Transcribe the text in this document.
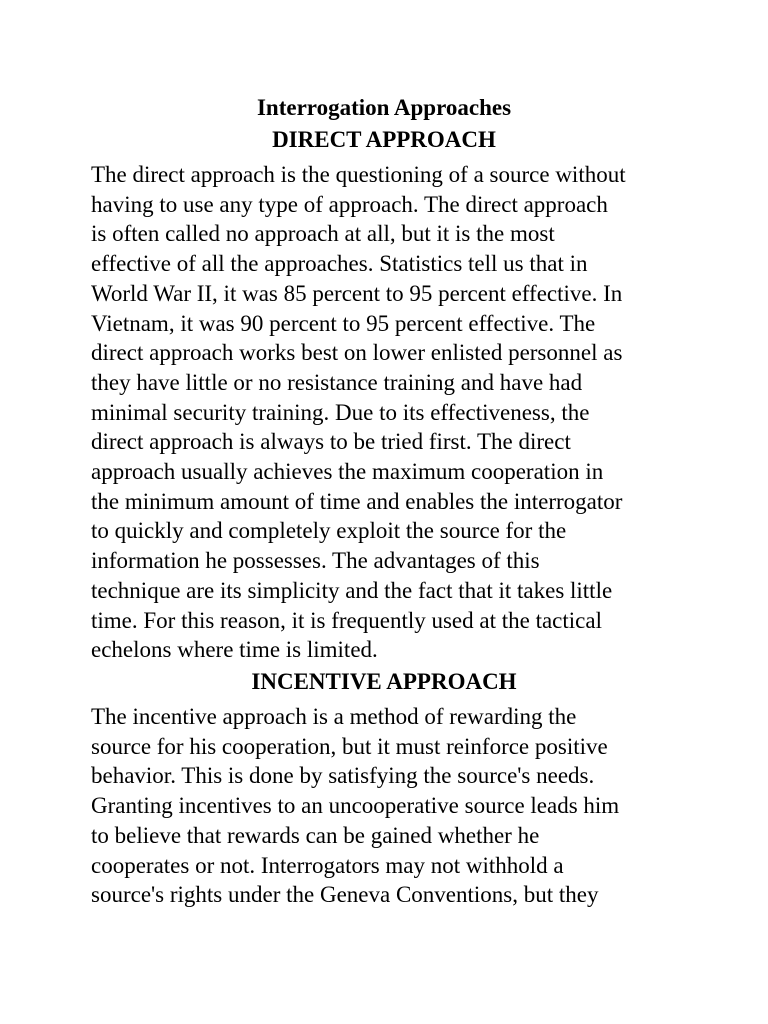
Interrogation Approaches
DIRECT APPROACH

The direct approach is the questioning of a source without
having to use any type of approach. The direct approach
is often called no approach at all, but it is the most
effective of all the approaches. Statistics tell us that in
World War II, it was 85 percent to 95 percent effective. In
Vietnam, it was 90 percent to 95 percent effective. The
direct approach works best on lower enlisted personnel as
they have little or no resistance training and have had
minimal security training. Due to its effectiveness, the
direct approach is always to be tried first. The direct
approach usually achieves the maximum cooperation in
the minimum amount of time and enables the interrogator
to quickly and completely exploit the source for the
information he possesses. The advantages of this
technique are its simplicity and the fact that it takes little
time. For this reason, it is frequently used at the tactical
echelons where time is limited.

INCENTIVE APPROACH

The incentive approach is a method of rewarding the
source for his cooperation, but it must reinforce positive
behavior. This is done by satisfying the source's needs.
Granting incentives to an uncooperative source leads him
to believe that rewards can be gained whether he
cooperates or not. Interrogators may not withhold a
source's rights under the Geneva Conventions, but they
